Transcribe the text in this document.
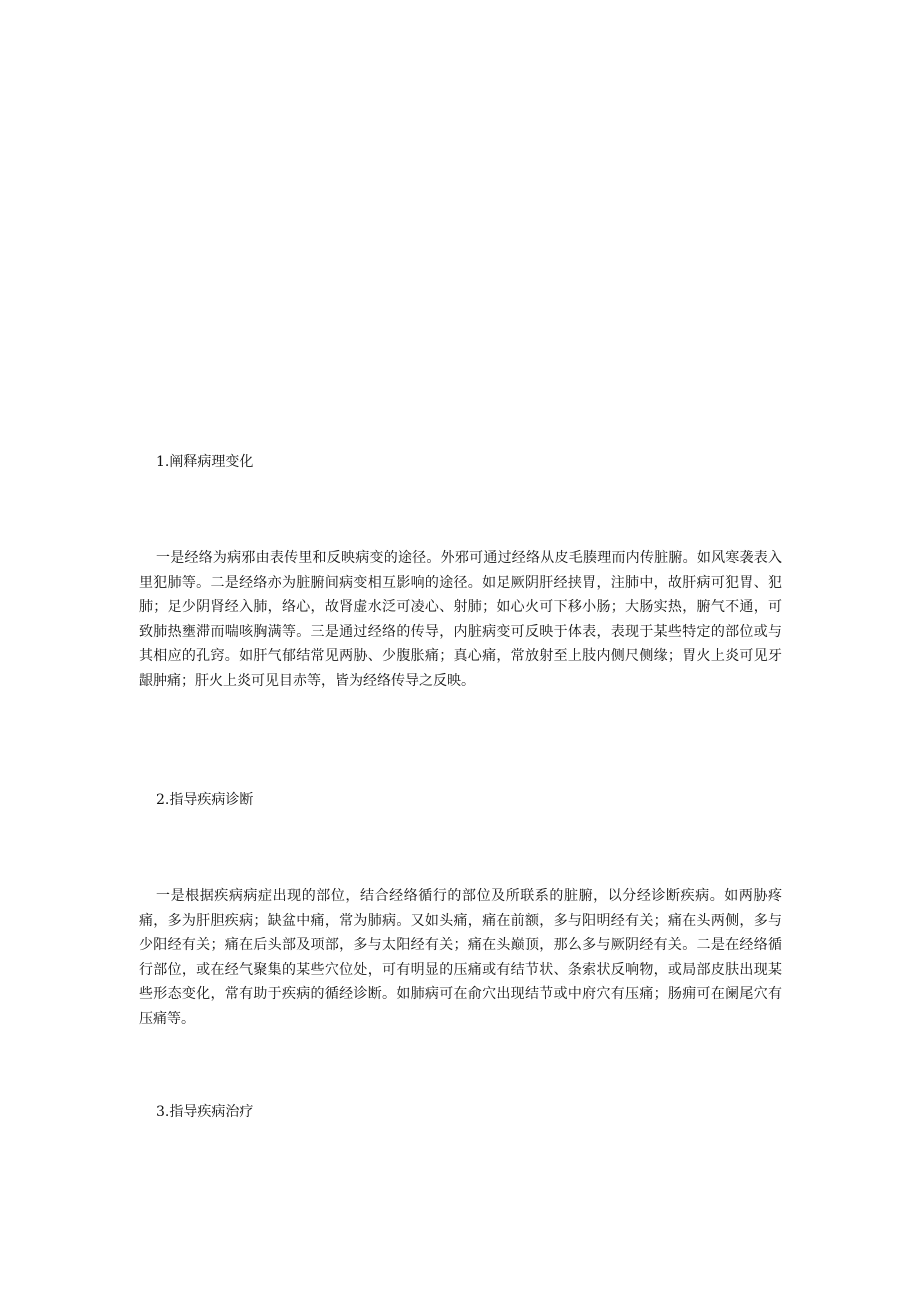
1.阐释病理变化

一是经络为病邪由表传里和反映病变的途径。外邪可通过经络从皮毛腠理而内传脏腑。如风寒袭表入里犯肺等。二是经络亦为脏腑间病变相互影响的途径。如足厥阴肝经挟胃，注肺中，故肝病可犯胃、犯肺；足少阴肾经入肺，络心，故肾虚水泛可凌心、射肺；如心火可下移小肠；大肠实热，腑气不通，可致肺热壅滞而喘咳胸满等。三是通过经络的传导，内脏病变可反映于体表，表现于某些特定的部位或与其相应的孔窍。如肝气郁结常见两胁、少腹胀痛；真心痛，常放射至上肢内侧尺侧缘；胃火上炎可见牙龈肿痛；肝火上炎可见目赤等，皆为经络传导之反映。

2.指导疾病诊断

一是根据疾病病症出现的部位，结合经络循行的部位及所联系的脏腑，以分经诊断疾病。如两胁疼痛，多为肝胆疾病；缺盆中痛，常为肺病。又如头痛，痛在前额，多与阳明经有关；痛在头两侧，多与少阳经有关；痛在后头部及项部，多与太阳经有关；痛在头巅顶，那么多与厥阴经有关。二是在经络循行部位，或在经气聚集的某些穴位处，可有明显的压痛或有结节状、条索状反响物，或局部皮肤出现某些形态变化，常有助于疾病的循经诊断。如肺病可在俞穴出现结节或中府穴有压痛；肠痈可在阑尾穴有压痛等。

3.指导疾病治疗
